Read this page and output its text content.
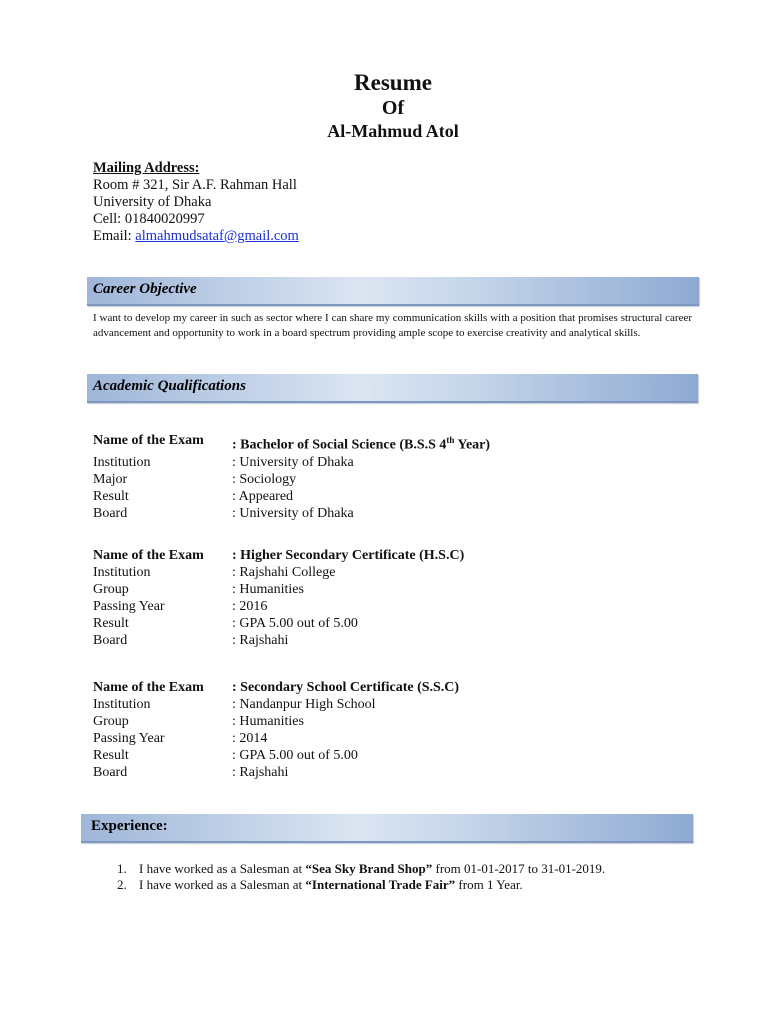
Resume
Of
Al-Mahmud Atol
Mailing Address:
Room # 321, Sir A.F. Rahman Hall
University of Dhaka
Cell: 01840020997
Email: almahmudsataf@gmail.com
Career Objective
I want to develop my career in such as sector where I can share my communication skills with a position that promises structural career advancement and opportunity to work in a board spectrum providing ample scope to exercise creativity and analytical skills.
Academic Qualifications
Name of the Exam	: Bachelor of Social Science (B.S.S 4th Year)
Institution	: University of Dhaka
Major	: Sociology
Result	: Appeared
Board	: University of Dhaka
Name of the Exam	: Higher Secondary Certificate (H.S.C)
Institution	: Rajshahi College
Group	: Humanities
Passing Year	: 2016
Result	: GPA 5.00 out of 5.00
Board	: Rajshahi
Name of the Exam	: Secondary School Certificate (S.S.C)
Institution	: Nandanpur High School
Group	: Humanities
Passing Year	: 2014
Result	: GPA 5.00 out of 5.00
Board	: Rajshahi
Experience:
1. I have worked as a Salesman at “Sea Sky Brand Shop” from 01-01-2017 to 31-01-2019.
2. I have worked as a Salesman at “International Trade Fair” from 1 Year.
